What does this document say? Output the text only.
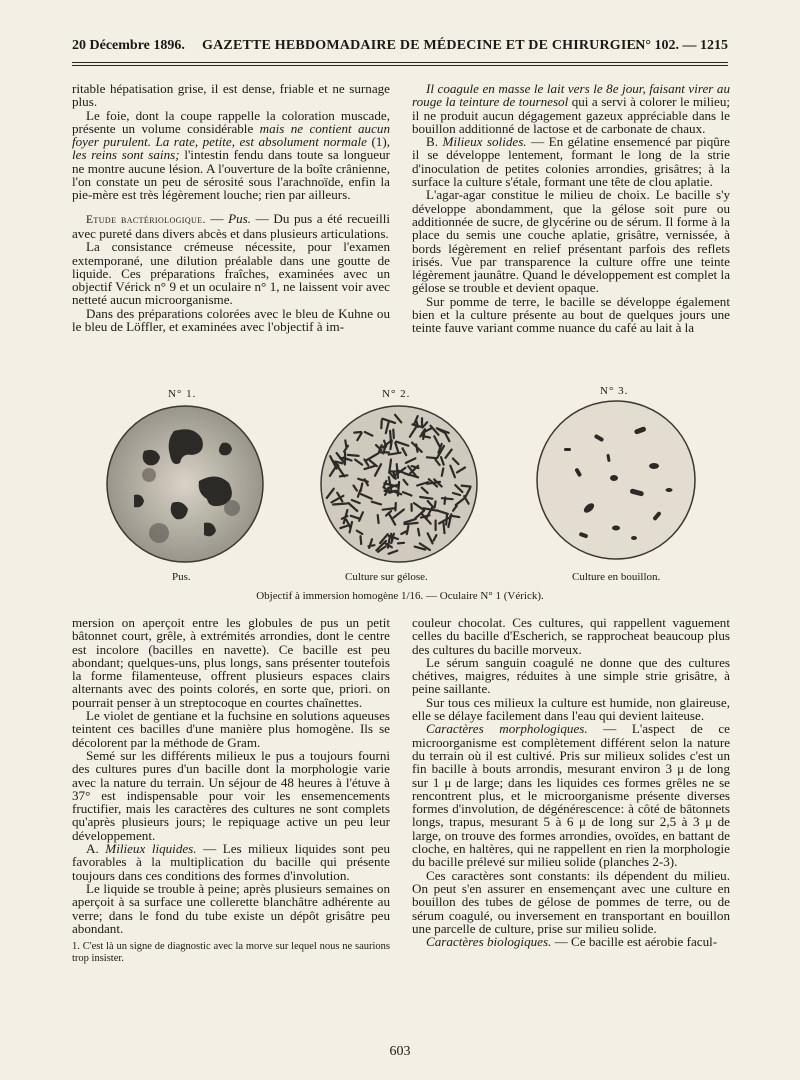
20 Décembre 1896. GAZETTE HEBDOMADAIRE DE MÉDECINE ET DE CHIRURGIE.
N° 102. — 1215

ritable hépatisation grise, il est dense, friable et ne surnage plus.

Le foie, dont la coupe rappelle la coloration muscade, présente un volume considérable mais ne contient aucun foyer purulent. La rate, petite, est absolument normale (1), les reins sont sains; l'intestin fendu dans toute sa longueur ne montre aucune lésion. A l'ouverture de la boîte crânienne, l'on constate un peu de sérosité sous l'arachnoïde, enfin la pie-mère est très légèrement louche; rien par ailleurs.

Etude bactériologique. — Pus. — Du pus a été recueilli avec pureté dans divers abcès et dans plusieurs articulations.

La consistance crémeuse nécessite, pour l'examen extemporané, une dilution préalable dans une goutte de liquide. Ces préparations fraîches, examinées avec un objectif Vérick n° 9 et un oculaire n° 1, ne laissent voir avec netteté aucun microorganisme.

Dans des préparations colorées avec le bleu de Kuhne ou le bleu de Löffler, et examinées avec l'objectif à im-

Il coagule en masse le lait vers le 8e jour, faisant virer au rouge la teinture de tournesol qui a servi à colorer le milieu; il ne produit aucun dégagement gazeux appréciable dans le bouillon additionné de lactose et de carbonate de chaux.

B. Milieux solides. — En gélatine ensemencé par piqûre il se développe lentement, formant le long de la strie d'inoculation de petites colonies arrondies, grisâtres; à la surface la culture s'étale, formant une tête de clou aplatie.

L'agar-agar constitue le milieu de choix. Le bacille s'y développe abondamment, que la gélose soit pure ou additionnée de sucre, de glycérine ou de sérum. Il forme à la place du semis une couche aplatie, grisâtre, vernissée, à bords légèrement en relief présentant parfois des reflets irisés. Vue par transparence la culture offre une teinte légèrement jaunâtre. Quand le développement est complet la gélose se trouble et devient opaque.

Sur pomme de terre, le bacille se développe également bien et la culture présente au bout de quelques jours une teinte fauve variant comme nuance du café au lait à la

N° 1.	N° 2.	N° 3.
Pus.	Culture sur gélose.	Culture en bouillon.
Objectif à immersion homogène 1/16. — Oculaire N° 1 (Vérick).

mersion on aperçoit entre les globules de pus un petit bâtonnet court, grêle, à extrémités arrondies, dont le centre est incolore (bacilles en navette). Ce bacille est peu abondant; quelques-uns, plus longs, sans présenter toutefois la forme filamenteuse, offrent plusieurs espaces clairs alternants avec des points colorés, en sorte que, priori. on pourrait penser à un streptocoque en courtes chaînettes.

Le violet de gentiane et la fuchsine en solutions aqueuses teintent ces bacilles d'une manière plus homogène. Ils se décolorent par la méthode de Gram.

Semé sur les différents milieux le pus a toujours fourni des cultures pures d'un bacille dont la morphologie varie avec la nature du terrain. Un séjour de 48 heures à l'étuve à 37° est indispensable pour voir les ensemencements fructifier, mais les caractères des cultures ne sont complets qu'après plusieurs jours; le repiquage active un peu leur développement.

A. Milieux liquides. — Les milieux liquides sont peu favorables à la multiplication du bacille qui présente toujours dans ces conditions des formes d'involution.

Le liquide se trouble à peine; après plusieurs semaines on aperçoit à sa surface une collerette blanchâtre adhérente au verre; dans le fond du tube existe un dépôt grisâtre peu abondant.

1. C'est là un signe de diagnostic avec la morve sur lequel nous ne saurions trop insister.

couleur chocolat. Ces cultures, qui rappellent vaguement celles du bacille d'Escherich, se rapprocheat beaucoup plus des cultures du bacille morveux.

Le sérum sanguin coagulé ne donne que des cultures chétives, maigres, réduites à une simple strie grisâtre, à peine saillante.

Sur tous ces milieux la culture est humide, non glaireuse, elle se délaye facilement dans l'eau qui devient laiteuse.

Caractères morphologiques. — L'aspect de ce microorganisme est complètement différent selon la nature du terrain où il est cultivé. Pris sur milieux solides c'est un fin bacille à bouts arrondis, mesurant environ 3 μ de long sur 1 μ de large; dans les liquides ces formes grêles ne se rencontrent plus, et le microorganisme présente diverses formes d'involution, de dégénérescence: à côté de bâtonnets longs, trapus, mesurant 5 à 6 μ de long sur 2,5 à 3 μ de large, on trouve des formes arrondies, ovoïdes, en battant de cloche, en haltères, qui ne rappellent en rien la morphologie du bacille prélevé sur milieu solide (planches 2-3).

Ces caractères sont constants: ils dépendent du milieu. On peut s'en assurer en ensemençant avec une culture en bouillon des tubes de gélose de pommes de terre, ou de sérum coagulé, ou inversement en transportant en bouillon une parcelle de culture, prise sur milieu solide.

Caractères biologiques. — Ce bacille est aérobie facul-

603
